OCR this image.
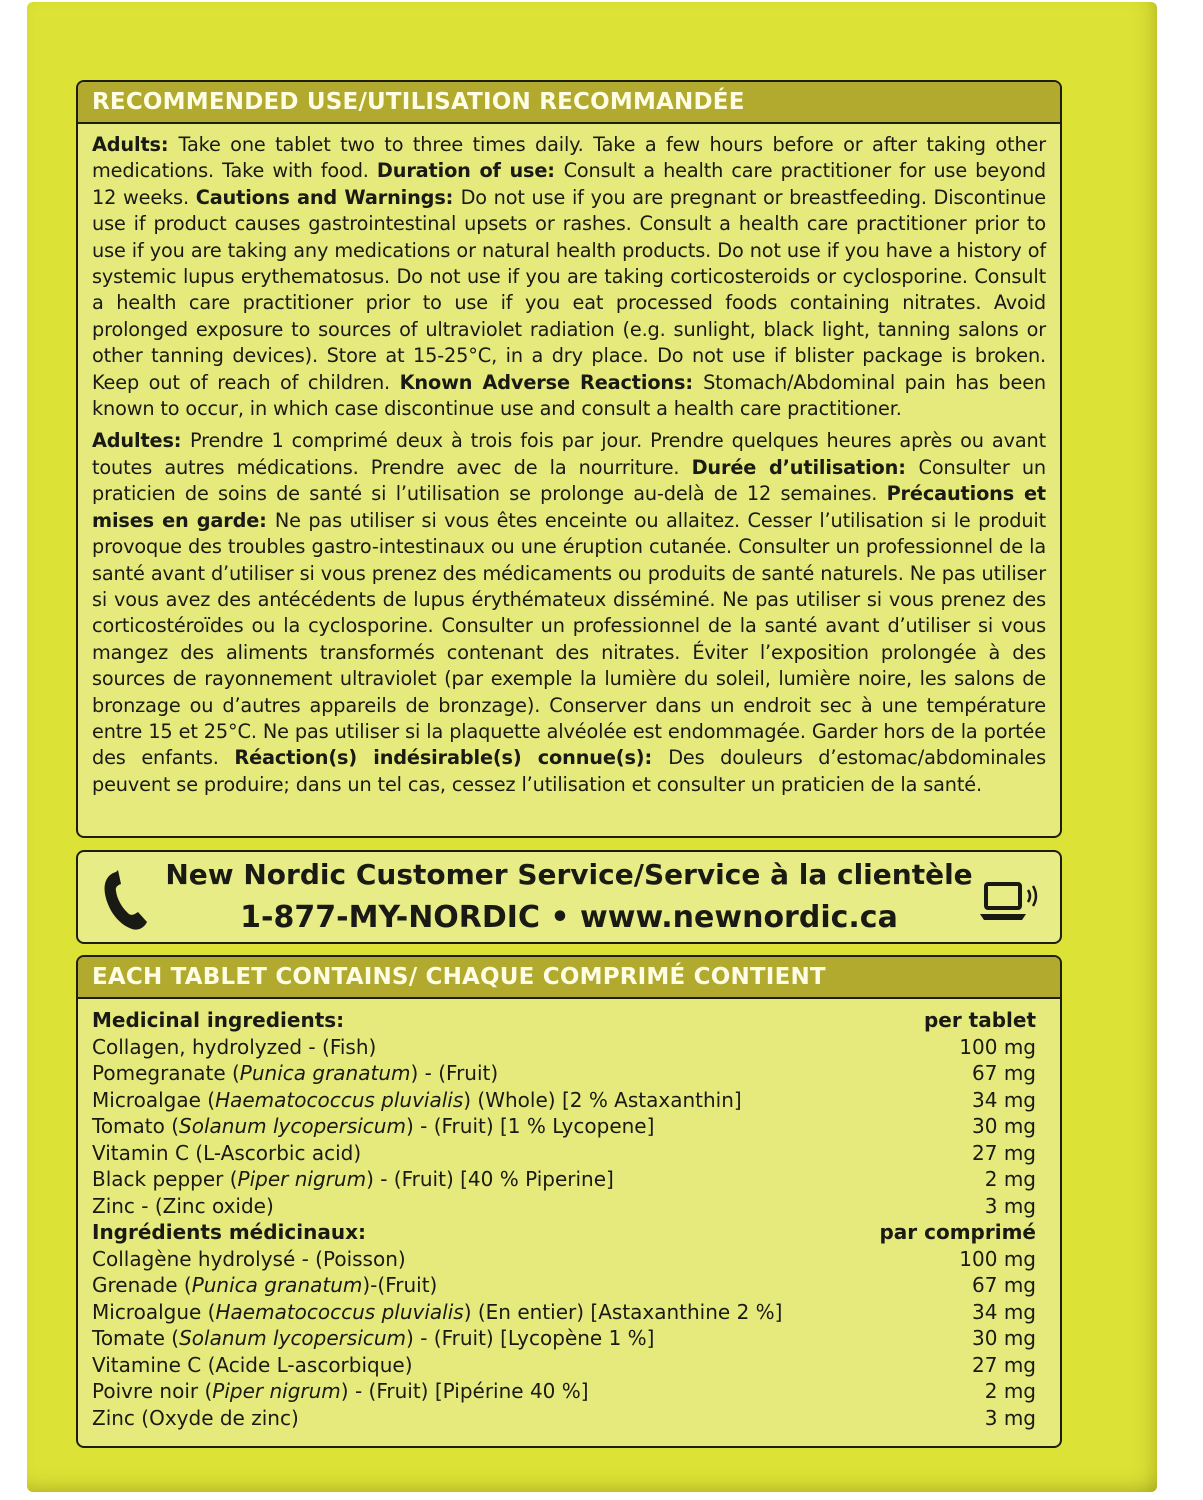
RECOMMENDED USE/UTILISATION RECOMMANDÉE

Adults: Take one tablet two to three times daily. Take a few hours before or after taking other medications. Take with food. Duration of use: Consult a health care practitioner for use beyond 12 weeks. Cautions and Warnings: Do not use if you are pregnant or breastfeeding. Discontinue use if product causes gastrointestinal upsets or rashes. Consult a health care practitioner prior to use if you are taking any medications or natural health products. Do not use if you have a history of systemic lupus erythematosus. Do not use if you are taking corticosteroids or cyclosporine. Consult a health care practitioner prior to use if you eat processed foods containing nitrates. Avoid prolonged exposure to sources of ultraviolet radiation (e.g. sunlight, black light, tanning salons or other tanning devices). Store at 15-25°C, in a dry place. Do not use if blister package is broken. Keep out of reach of children. Known Adverse Reactions: Stomach/Abdominal pain has been known to occur, in which case discontinue use and consult a health care practitioner.

Adultes: Prendre 1 comprimé deux à trois fois par jour. Prendre quelques heures après ou avant toutes autres médications. Prendre avec de la nourriture. Durée d’utilisation: Consulter un praticien de soins de santé si l’utilisation se prolonge au-delà de 12 semaines. Précautions et mises en garde: Ne pas utiliser si vous êtes enceinte ou allaitez. Cesser l’utilisation si le produit provoque des troubles gastro-intestinaux ou une éruption cutanée. Consulter un professionnel de la santé avant d’utiliser si vous prenez des médicaments ou produits de santé naturels. Ne pas utiliser si vous avez des antécédents de lupus érythémateux disséminé. Ne pas utiliser si vous prenez des corticostéroïdes ou la cyclosporine. Consulter un professionnel de la santé avant d’utiliser si vous mangez des aliments transformés contenant des nitrates. Éviter l’exposition prolongée à des sources de rayonnement ultraviolet (par exemple la lumière du soleil, lumière noire, les salons de bronzage ou d’autres appareils de bronzage). Conserver dans un endroit sec à une température entre 15 et 25°C. Ne pas utiliser si la plaquette alvéolée est endommagée. Garder hors de la portée des enfants. Réaction(s) indésirable(s) connue(s): Des douleurs d’estomac/abdominales peuvent se produire; dans un tel cas, cessez l’utilisation et consulter un praticien de la santé.

New Nordic Customer Service/Service à la clientèle
1-877-MY-NORDIC • www.newnordic.ca
EACH TABLET CONTAINS/ CHAQUE COMPRIMÉ CONTIENT
Medicinal ingredients:	per tablet
Collagen, hydrolyzed - (Fish)	100 mg
Pomegranate (Punica granatum) - (Fruit)	67 mg
Microalgae (Haematococcus pluvialis) (Whole) [2 % Astaxanthin]	34 mg
Tomato (Solanum lycopersicum) - (Fruit) [1 % Lycopene]	30 mg
Vitamin C (L-Ascorbic acid)	27 mg
Black pepper (Piper nigrum) - (Fruit) [40 % Piperine]	2 mg
Zinc - (Zinc oxide)	3 mg
Ingrédients médicinaux:	par comprimé
Collagène hydrolysé - (Poisson)	100 mg
Grenade (Punica granatum)-(Fruit)	67 mg
Microalgue (Haematococcus pluvialis) (En entier) [Astaxanthine 2 %]	34 mg
Tomate (Solanum lycopersicum) - (Fruit) [Lycopène 1 %]	30 mg
Vitamine C (Acide L-ascorbique)	27 mg
Poivre noir (Piper nigrum) - (Fruit) [Pipérine 40 %]	2 mg
Zinc (Oxyde de zinc)	3 mg
